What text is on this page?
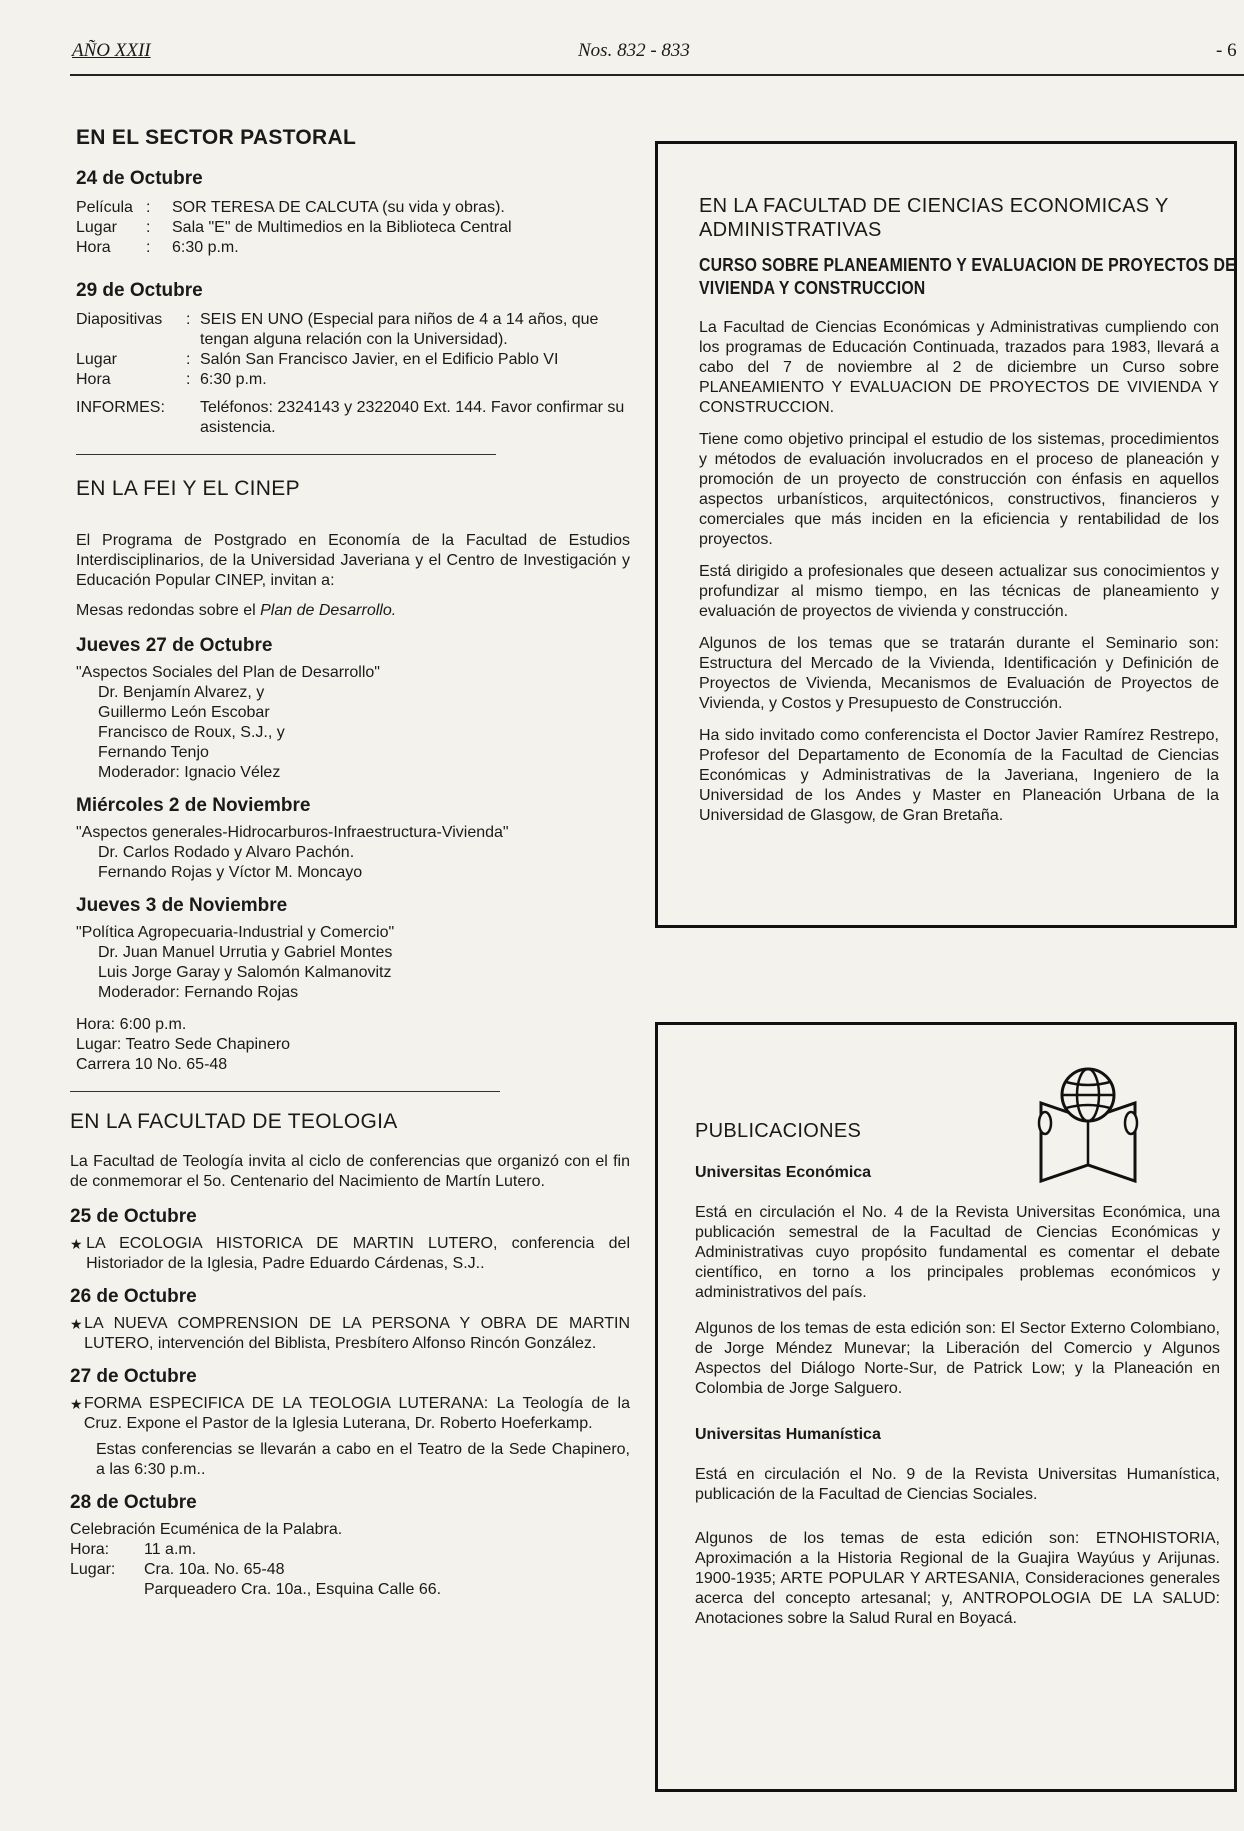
AÑO XXII	Nos. 832 - 833	- 6

EN EL SECTOR PASTORAL

24 de Octubre

Película	:	SOR TERESA DE CALCUTA (su vida y obras).
Lugar	:	Sala "E" de Multimedios en la Biblioteca Central
Hora	:	6:30 p.m.

29 de Octubre

Diapositivas	:	SEIS EN UNO (Especial para niños de 4 a 14 años, que tengan alguna relación con la Universidad).
Lugar	:	Salón San Francisco Javier, en el Edificio Pablo VI
Hora	:	6:30 p.m.
INFORMES:		Teléfonos: 2324143 y 2322040 Ext. 144. Favor confirmar su asistencia.

EN LA FEI Y EL CINEP

El Programa de Postgrado en Economía de la Facultad de Estudios Interdisciplinarios, de la Universidad Javeriana y el Centro de Investigación y Educación Popular CINEP, invitan a:

Mesas redondas sobre el Plan de Desarrollo.

Jueves 27 de Octubre

"Aspectos Sociales del Plan de Desarrollo"

Dr. Benjamín Alvarez, y

Guillermo León Escobar

Francisco de Roux, S.J., y

Fernando Tenjo

Moderador: Ignacio Vélez

Miércoles 2 de Noviembre

"Aspectos generales-Hidrocarburos-Infraestructura-Vivienda"

Dr. Carlos Rodado y Alvaro Pachón.

Fernando Rojas y Víctor M. Moncayo

Jueves 3 de Noviembre

"Política Agropecuaria-Industrial y Comercio"

Dr. Juan Manuel Urrutia y Gabriel Montes

Luis Jorge Garay y Salomón Kalmanovitz

Moderador: Fernando Rojas

Hora: 6:00 p.m.

Lugar: Teatro Sede Chapinero

Carrera 10 No. 65-48

EN LA FACULTAD DE TEOLOGIA

La Facultad de Teología invita al ciclo de conferencias que organizó con el fin de conmemorar el 5o. Centenario del Nacimiento de Martín Lutero.

25 de Octubre

★ LA ECOLOGIA HISTORICA DE MARTIN LUTERO, conferencia del Historiador de la Iglesia, Padre Eduardo Cárdenas, S.J..

26 de Octubre

★ LA NUEVA COMPRENSION DE LA PERSONA Y OBRA DE MARTIN LUTERO, intervención del Biblista, Presbítero Alfonso Rincón González.

27 de Octubre

★ FORMA ESPECIFICA DE LA TEOLOGIA LUTERANA: La Teología de la Cruz. Expone el Pastor de la Iglesia Luterana, Dr. Roberto Hoeferkamp.

Estas conferencias se llevarán a cabo en el Teatro de la Sede Chapinero, a las 6:30 p.m..

28 de Octubre

Celebración Ecuménica de la Palabra.

Hora:	11 a.m.
Lugar:	Cra. 10a. No. 65-48
	Parqueadero Cra. 10a., Esquina Calle 66.

EN LA FACULTAD DE CIENCIAS ECONOMICAS Y ADMINISTRATIVAS

CURSO SOBRE PLANEAMIENTO Y EVALUACION DE PROYECTOS DE VIVIENDA Y CONSTRUCCION

La Facultad de Ciencias Económicas y Administrativas cumpliendo con los programas de Educación Continuada, trazados para 1983, llevará a cabo del 7 de noviembre al 2 de diciembre un Curso sobre PLANEAMIENTO Y EVALUACION DE PROYECTOS DE VIVIENDA Y CONSTRUCCION.

Tiene como objetivo principal el estudio de los sistemas, procedimientos y métodos de evaluación involucrados en el proceso de planeación y promoción de un proyecto de construcción con énfasis en aquellos aspectos urbanísticos, arquitectónicos, constructivos, financieros y comerciales que más inciden en la eficiencia y rentabilidad de los proyectos.

Está dirigido a profesionales que deseen actualizar sus conocimientos y profundizar al mismo tiempo, en las técnicas de planeamiento y evaluación de proyectos de vivienda y construcción.

Algunos de los temas que se tratarán durante el Seminario son: Estructura del Mercado de la Vivienda, Identificación y Definición de Proyectos de Vivienda, Mecanismos de Evaluación de Proyectos de Vivienda, y Costos y Presupuesto de Construcción.

Ha sido invitado como conferencista el Doctor Javier Ramírez Restrepo, Profesor del Departamento de Economía de la Facultad de Ciencias Económicas y Administrativas de la Javeriana, Ingeniero de la Universidad de los Andes y Master en Planeación Urbana de la Universidad de Glasgow, de Gran Bretaña.

PUBLICACIONES

Universitas Económica

Está en circulación el No. 4 de la Revista Universitas Económica, una publicación semestral de la Facultad de Ciencias Económicas y Administrativas cuyo propósito fundamental es comentar el debate científico, en torno a los principales problemas económicos y administrativos del país.

Algunos de los temas de esta edición son: El Sector Externo Colombiano, de Jorge Méndez Munevar; la Liberación del Comercio y Algunos Aspectos del Diálogo Norte-Sur, de Patrick Low; y la Planeación en Colombia de Jorge Salguero.

Universitas Humanística

Está en circulación el No. 9 de la Revista Universitas Humanística, publicación de la Facultad de Ciencias Sociales.

Algunos de los temas de esta edición son: ETNOHISTORIA, Aproximación a la Historia Regional de la Guajira Wayúus y Arijunas. 1900-1935; ARTE POPULAR Y ARTESANIA, Consideraciones generales acerca del concepto artesanal; y, ANTROPOLOGIA DE LA SALUD: Anotaciones sobre la Salud Rural en Boyacá.
